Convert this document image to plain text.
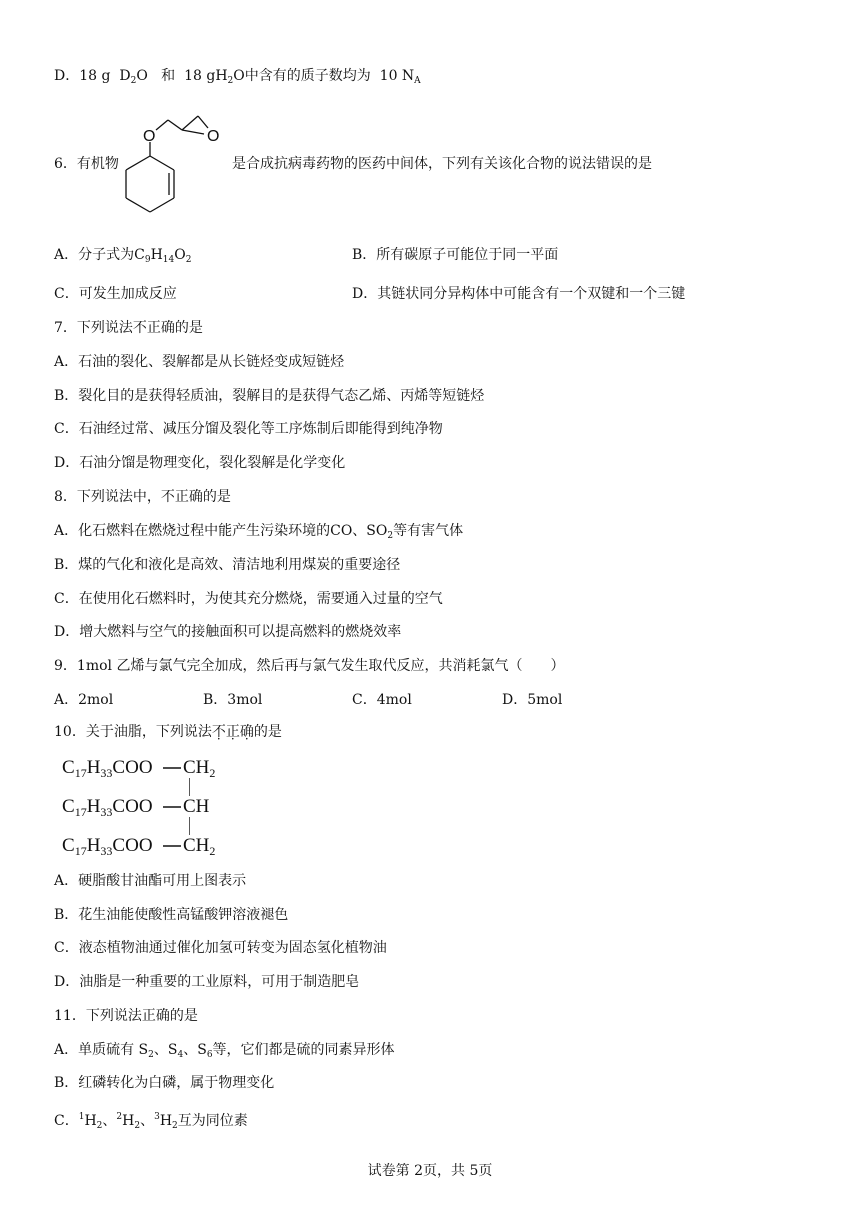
D．18 g $D_2O$ 和 18 $gH_2O$中含有的质子数均为 10 $N_A$
6．有机物
O	O
是合成抗病毒药物的医药中间体，下列有关该化合物的说法错误的是
A．分子式为$C_9H_{14}O_2$	B．所有碳原子可能位于同一平面
C．可发生加成反应	D．其链状同分异构体中可能含有一个双键和一个三键
7．下列说法不正确的是
A．石油的裂化、裂解都是从长链烃变成短链烃
B．裂化目的是获得轻质油，裂解目的是获得气态乙烯、丙烯等短链烃
C．石油经过常、减压分馏及裂化等工序炼制后即能得到纯净物
D．石油分馏是物理变化，裂化裂解是化学变化
8．下列说法中，不正确的是
A．化石燃料在燃烧过程中能产生污染环境的CO、$SO_2$等有害气体
B．煤的气化和液化是高效、清洁地利用煤炭的重要途径
C．在使用化石燃料时，为使其充分燃烧，需要通入过量的空气
D．增大燃料与空气的接触面积可以提高燃料的燃烧效率
9．1mol 乙烯与氯气完全加成，然后再与氯气发生取代反应，共消耗氯气（　　）
A．2mol	B．3mol	C．4mol	D．5mol
10．关于油脂，下列说法不正确的是
$C_{17}H_{33}COO$
$C_{17}H_{33}COO$
$C_{17}H_{33}COO$
$CH_2$
CH
$CH_2$
A．硬脂酸甘油酯可用上图表示
B．花生油能使酸性高锰酸钾溶液褪色
C．液态植物油通过催化加氢可转变为固态氢化植物油
D．油脂是一种重要的工业原料，可用于制造肥皂
11．下列说法正确的是
A．单质硫有 $S_2$、$S_4$、$S_6$等，它们都是硫的同素异形体
B．红磷转化为白磷，属于物理变化
C．$^1H_2$、$^2H_2$、$^3H_2$互为同位素
试卷第 2页，共 5页
